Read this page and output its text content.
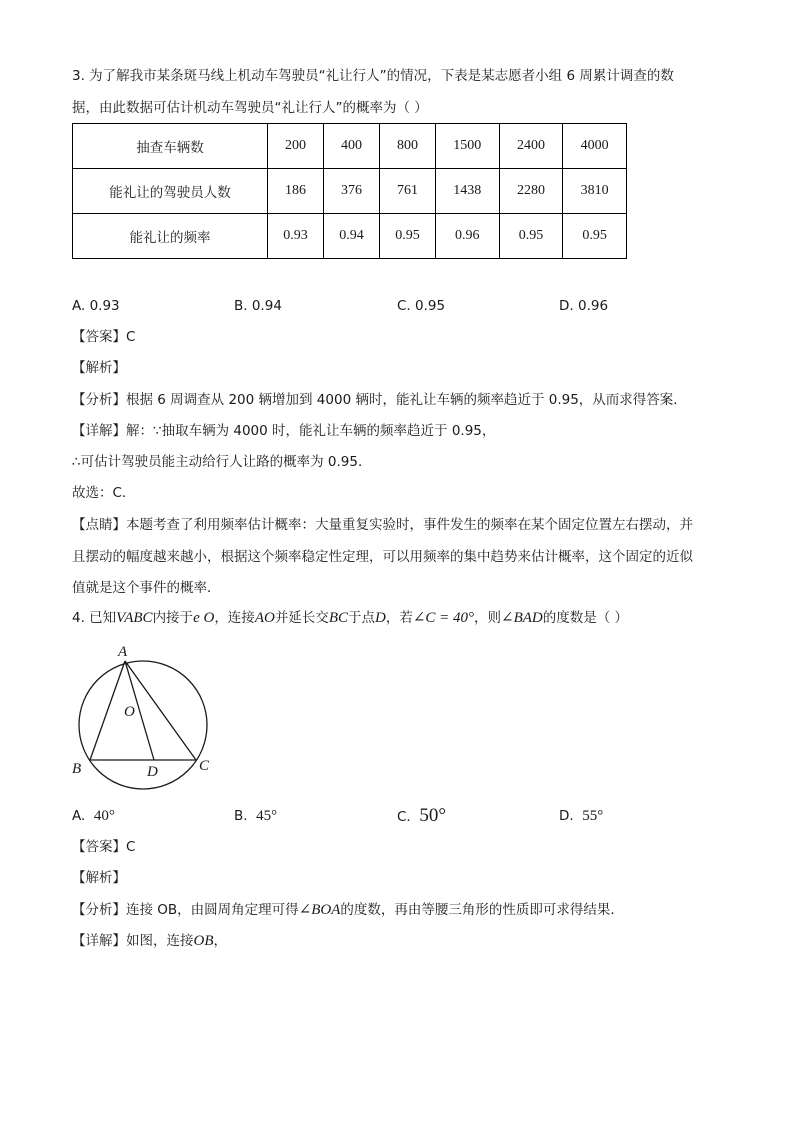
3. 为了解我市某条斑马线上机动车驾驶员“礼让行人”的情况，下表是某志愿者小组 6 周累计调查的数
据，由此数据可估计机动车驾驶员“礼让行人”的概率为（ ）
抽查车辆数	200	400	800	1500	2400	4000
能礼让的驾驶员人数	186	376	761	1438	2280	3810
能礼让的频率	0.93	0.94	0.95	0.96	0.95	0.95
A. 0.93	B. 0.94	C. 0.95	D. 0.96
【答案】C
【解析】
【分析】根据 6 周调查从 200 辆增加到 4000 辆时，能礼让车辆的频率趋近于 0.95，从而求得答案．
【详解】解：∵抽取车辆为 4000 时，能礼让车辆的频率趋近于 0.95，
∴可估计驾驶员能主动给行人让路的概率为 0.95．
故选：C．
【点睛】本题考查了利用频率估计概率：大量重复实验时，事件发生的频率在某个固定位置左右摆动，并
且摆动的幅度越来越小，根据这个频率稳定性定理，可以用频率的集中趋势来估计概率，这个固定的近似
值就是这个事件的概率．
4. 已知VABC内接于e O，连接AO并延长交BC于点D，若∠C = 40°，则∠BAD的度数是（ ）
A
B	C
D
O
A. 40°	B. 45°	C. 50°	D. 55°
【答案】C
【解析】
【分析】连接 OB，由圆周角定理可得∠BOA的度数，再由等腰三角形的性质即可求得结果．
【详解】如图，连接OB，
